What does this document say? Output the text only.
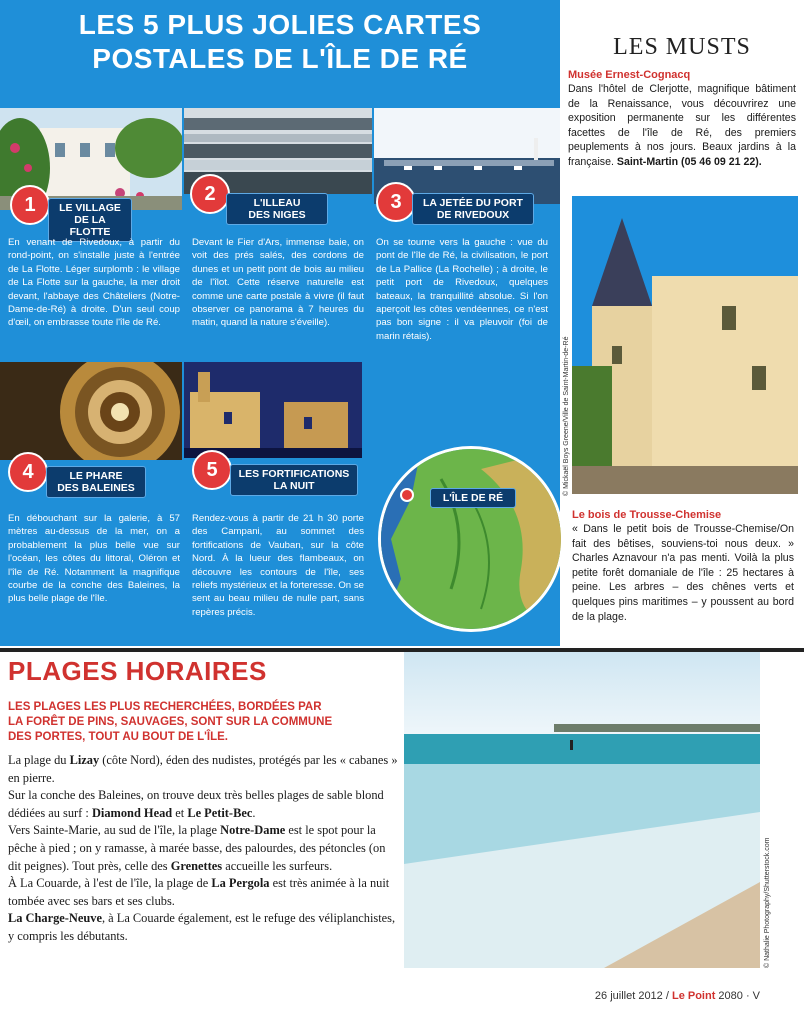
LES 5 PLUS JOLIES CARTES
POSTALES DE L'ÎLE DE RÉ
1	LE VILLAGE
DE LA FLOTTE
2	L'ILLEAU
DES NIGES
3	LA JETÉE DU PORT
DE RIVEDOUX
En venant de Rivedoux, à partir du rond-point, on s'installe juste à l'entrée de La Flotte. Léger surplomb : le village de La Flotte sur la gauche, la mer droit devant, l'abbaye des Châteliers (Notre-Dame-de-Ré) à droite. D'un seul coup d'œil, on embrasse toute l'île de Ré.
Devant le Fier d'Ars, immense baie, on voit des prés salés, des cordons de dunes et un petit pont de bois au milieu de l'îlot. Cette réserve naturelle est comme une carte postale à vivre (il faut observer ce panorama à 7 heures du matin, quand la nature s'éveille).
On se tourne vers la gauche : vue du pont de l'île de Ré, la civilisation, le port de La Pallice (La Rochelle) ; à droite, le petit port de Rivedoux, quelques bateaux, la tranquillité absolue. Si l'on aperçoit les côtes vendéennes, ce n'est pas bon signe : il va pleuvoir (foi de marin rétais).
4	LE PHARE
DES BALEINES
5	LES FORTIFICATIONS
LA NUIT
En débouchant sur la galerie, à 57 mètres au-dessus de la mer, on a probablement la plus belle vue sur l'océan, les côtes du littoral, Oléron et l'île de Ré. Notamment la magnifique courbe de la conche des Baleines, la plus belle plage de l'île.
Rendez-vous à partir de 21 h 30 porte des Campani, au sommet des fortifications de Vauban, sur la côte Nord. À la lueur des flambeaux, on découvre les contours de l'île, ses reliefs mystérieux et la forteresse. On se sent au beau milieu de nulle part, sans repères précis.
L'ÎLE DE RÉ
LES MUSTS
Musée Ernest-Cognacq
Dans l'hôtel de Clerjotte, magnifique bâtiment de la Renaissance, vous découvrirez une exposition permanente sur les différentes facettes de l'île de Ré, des premiers peuplements à nos jours. Beaux jardins à la française. Saint-Martin (05 46 09 21 22).
© Mickaël Boys Greene/Ville de Saint-Martin-de-Ré
Le bois de Trousse-Chemise
« Dans le petit bois de Trousse-Chemise/On fait des bêtises, souviens-toi nous deux. » Charles Aznavour n'a pas menti. Voilà la plus petite forêt domaniale de l'île : 25 hectares à peine. Les arbres – des chênes verts et quelques pins maritimes – y poussent au bord de la plage.
PLAGES HORAIRES
LES PLAGES LES PLUS RECHERCHÉES, BORDÉES PAR LA FORÊT DE PINS, SAUVAGES, SONT SUR LA COMMUNE DES PORTES, TOUT AU BOUT DE L'ÎLE.

La plage du Lizay (côte Nord), éden des nudistes, protégés par les « cabanes » en pierre.

Sur la conche des Baleines, on trouve deux très belles plages de sable blond dédiées au surf : Diamond Head et Le Petit-Bec.

Vers Sainte-Marie, au sud de l'île, la plage Notre-Dame est le spot pour la pêche à pied ; on y ramasse, à marée basse, des palourdes, des pétoncles (on dit peignes). Tout près, celle des Grenettes accueille les surfeurs.

À La Couarde, à l'est de l'île, la plage de La Pergola est très animée à la nuit tombée avec ses bars et ses clubs.

La Charge-Neuve, à La Couarde également, est le refuge des véliplanchistes, y compris les débutants.	© Nathalie Photography/Shutterstock.com
26 juillet 2012 / Le Point 2080 · V
